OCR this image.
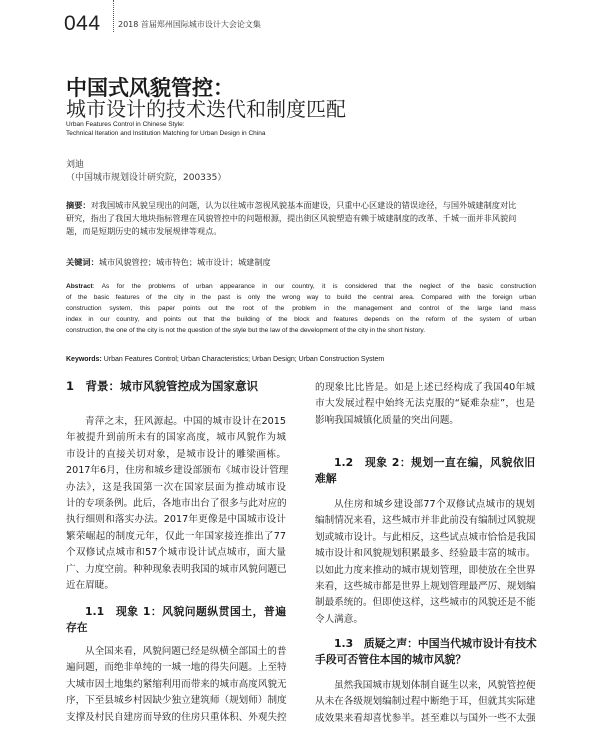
044 2018 首届郑州国际城市设计大会论文集
中国式风貌管控：
城市设计的技术迭代和制度匹配
Urban Features Control in Chinese Style:
Technical Iteration and Institution Matching for Urban Design in China
刘迪
（中国城市规划设计研究院，200335）
摘要：对我国城市风貌呈现出的问题，认为以往城市忽视风貌基本面建设，只重中心区建设的错误途径，与国外城建制度对比
研究，指出了我国大地块指标管理在风貌管控中的问题根源，提出街区风貌塑造有赖于城建制度的改革、千城一面并非风貌问
题，而是短期历史的城市发展规律等观点。
关键词：城市风貌管控；城市特色；城市设计；城建制度
Abstract: As for the problems of urban appearance in our country, it is considered that the neglect of the basic construction
of the basic features of the city in the past is only the wrong way to build the central area. Compared with the foreign urban
construction system, this paper points out the root of the problem in the management and control of the large land mass
index in our country, and points out that the building of the block and features depends on the reform of the system of urban
construction, the one of the city is not the question of the style but the law of the development of the city in the short history.
Keywords: Urban Features Control; Urban Characteristics; Urban Design; Urban Construction System
1　背景：城市风貌管控成为国家意识
青萍之末，狂风源起。中国的城市设计在2015
年被提升到前所未有的国家高度，城市风貌作为城
市设计的直接关切对象，是城市设计的雕梁画栋。
2017年6月，住房和城乡建设部颁布《城市设计管理
办法》，这是我国第一次在国家层面为推动城市设
计的专项条例。此后，各地市出台了很多与此对应的
执行细则和落实办法。2017年更像是中国城市设计
繁荣崛起的制度元年，仅此一年国家接连推出了77
个双修试点城市和57个城市设计试点城市，面大量
广、力度空前。种种现象表明我国的城市风貌问题已
近在眉睫。
1.1　现象 1：风貌问题纵贯国土，普遍
存在
从全国来看，风貌问题已经是纵横全部国土的普
遍问题，而绝非单纯的一城一地的得失问题。上至特
大城市因土地集约紧缩利用而带来的城市高度风貌无
序，下至县城乡村因缺少独立建筑师（规划师）制度
支撑及村民自建房而导致的住房只重体积、外观失控
的现象比比皆是。如是上述已经构成了我国40年城
市大发展过程中始终无法克服的“疑难杂症”，也是
影响我国城镇化质量的突出问题。
1.2　现象 2：规划一直在编，风貌依旧
难解
从住房和城乡建设部77个双修试点城市的规划
编制情况来看，这些城市并非此前没有编制过风貌规
划或城市设计。与此相反，这些试点城市恰恰是我国
城市设计和风貌规划积累最多、经验最丰富的城市。
以如此力度来推动的城市规划管理，即使放在全世界
来看，这些城市都是世界上规划管理最严厉、规划编
制最系统的。但即使这样，这些城市的风貌还是不能
令人满意。
1.3　质疑之声：中国当代城市设计有技术
手段可否管住本国的城市风貌？
虽然我国城市规划体制自诞生以来，风貌管控便
从未在各级规划编制过程中断绝于耳，但就其实际建
成效果来看却喜忧参半。甚至难以与国外一些不太强
